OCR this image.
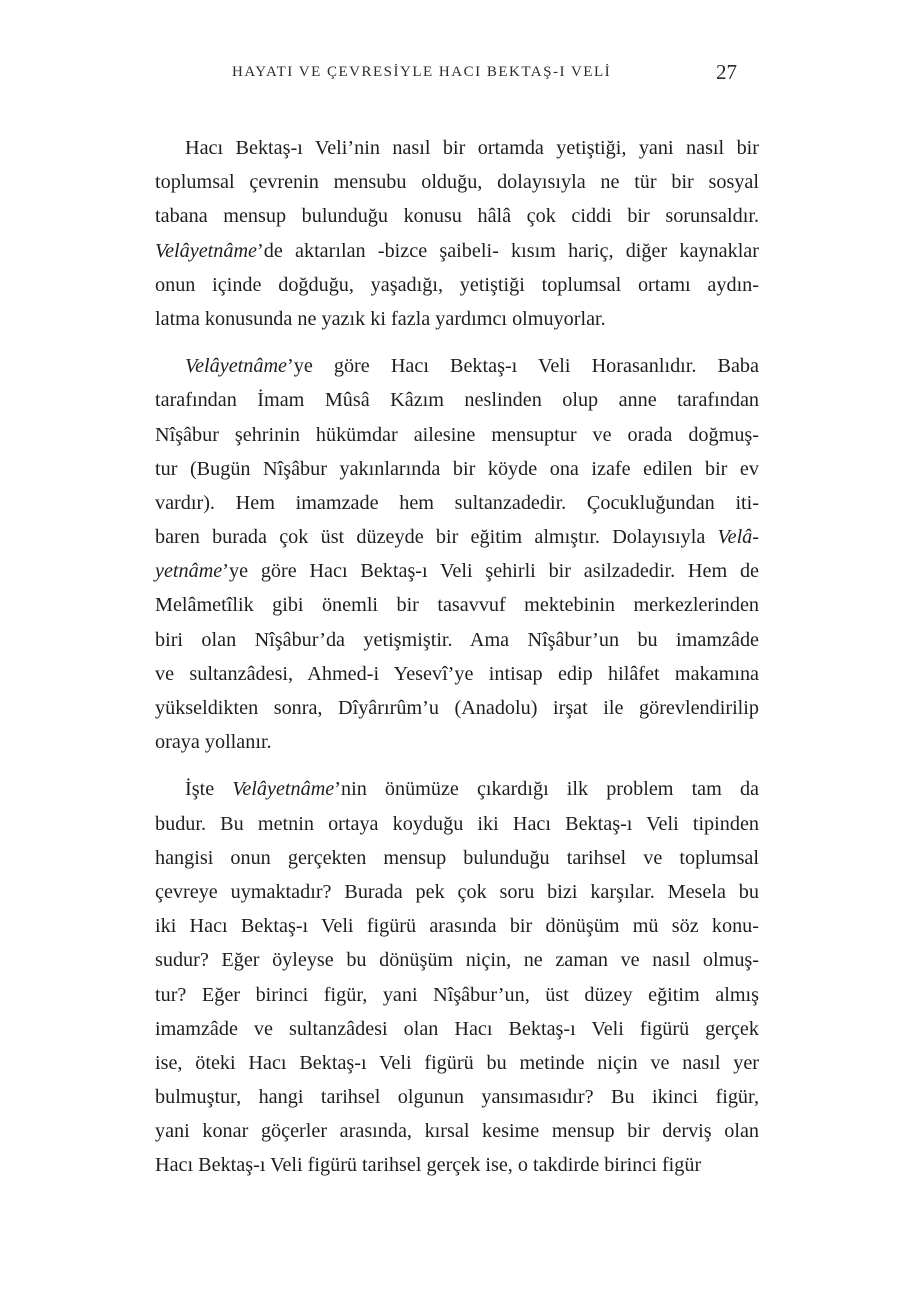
HAYATI VE ÇEVRESİYLE HACI BEKTAŞ-I VELİ	27
Hacı Bektaş-ı Veli’nin nasıl bir ortamda yetiştiği, yani nasıl bir
toplumsal çevrenin mensubu olduğu, dolayısıyla ne tür bir sosyal
tabana mensup bulunduğu konusu hâlâ çok ciddi bir sorunsaldır.
Velâyetnâme’de aktarılan -bizce şaibeli- kısım hariç, diğer kaynaklar
onun içinde doğduğu, yaşadığı, yetiştiği toplumsal ortamı aydın-
latma konusunda ne yazık ki fazla yardımcı olmuyorlar.
Velâyetnâme’ye göre Hacı Bektaş-ı Veli Horasanlıdır. Baba
tarafından İmam Mûsâ Kâzım neslinden olup anne tarafından
Nîşâbur şehrinin hükümdar ailesine mensuptur ve orada doğmuş-
tur (Bugün Nîşâbur yakınlarında bir köyde ona izafe edilen bir ev
vardır). Hem imamzade hem sultanzadedir. Çocukluğundan iti-
baren burada çok üst düzeyde bir eğitim almıştır. Dolayısıyla Velâ-
yetnâme’ye göre Hacı Bektaş-ı Veli şehirli bir asilzadedir. Hem de
Melâmetîlik gibi önemli bir tasavvuf mektebinin merkezlerinden
biri olan Nîşâbur’da yetişmiştir. Ama Nîşâbur’un bu imamzâde
ve sultanzâdesi, Ahmed-i Yesevî’ye intisap edip hilâfet makamına
yükseldikten sonra, Dîyârırûm’u (Anadolu) irşat ile görevlendirilip
oraya yollanır.
İşte Velâyetnâme’nin önümüze çıkardığı ilk problem tam da
budur. Bu metnin ortaya koyduğu iki Hacı Bektaş-ı Veli tipinden
hangisi onun gerçekten mensup bulunduğu tarihsel ve toplumsal
çevreye uymaktadır? Burada pek çok soru bizi karşılar. Mesela bu
iki Hacı Bektaş-ı Veli figürü arasında bir dönüşüm mü söz konu-
sudur? Eğer öyleyse bu dönüşüm niçin, ne zaman ve nasıl olmuş-
tur? Eğer birinci figür, yani Nîşâbur’un, üst düzey eğitim almış
imamzâde ve sultanzâdesi olan Hacı Bektaş-ı Veli figürü gerçek
ise, öteki Hacı Bektaş-ı Veli figürü bu metinde niçin ve nasıl yer
bulmuştur, hangi tarihsel olgunun yansımasıdır? Bu ikinci figür,
yani konar göçerler arasında, kırsal kesime mensup bir derviş olan
Hacı Bektaş-ı Veli figürü tarihsel gerçek ise, o takdirde birinci figür
